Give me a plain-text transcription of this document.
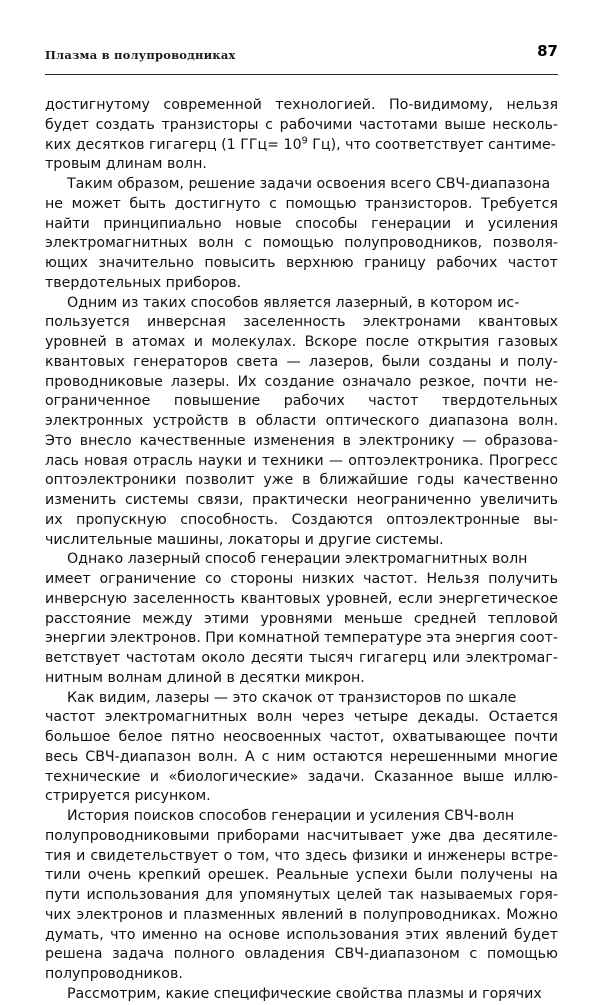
Плазма в полупроводниках	87
достигнутому современной технологией. По-видимому, нельзя
будет создать транзисторы с рабочими частотами выше несколь-
ких десятков гигагерц (1 $ГГц= 10^9$ Гц), что соответствует сантиме-
тровым длинам волн.
Таким образом, решение задачи освоения всего СВЧ-диапазона
не может быть достигнуто с помощью транзисторов. Требуется
найти принципиально новые способы генерации и усиления
электромагнитных волн с помощью полупроводников, позволя-
ющих значительно повысить верхнюю границу рабочих частот
твердотельных приборов.
Одним из таких способов является лазерный, в котором ис-
пользуется инверсная заселенность электронами квантовых
уровней в атомах и молекулах. Вскоре после открытия газовых
квантовых генераторов света — лазеров, были созданы и полу-
проводниковые лазеры. Их создание означало резкое, почти не-
ограниченное повышение рабочих частот твердотельных
электронных устройств в области оптического диапазона волн.
Это внесло качественные изменения в электронику — образова-
лась новая отрасль науки и техники — оптоэлектроника. Прогресс
оптоэлектроники позволит уже в ближайшие годы качественно
изменить системы связи, практически неограниченно увеличить
их пропускную способность. Создаются оптоэлектронные вы-
числительные машины, локаторы и другие системы.
Однако лазерный способ генерации электромагнитных волн
имеет ограничение со стороны низких частот. Нельзя получить
инверсную заселенность квантовых уровней, если энергетическое
расстояние между этими уровнями меньше средней тепловой
энергии электронов. При комнатной температуре эта энергия соот-
ветствует частотам около десяти тысяч гигагерц или электромаг-
нитным волнам длиной в десятки микрон.
Как видим, лазеры — это скачок от транзисторов по шкале
частот электромагнитных волн через четыре декады. Остается
большое белое пятно неосвоенных частот, охватывающее почти
весь СВЧ-диапазон волн. А с ним остаются нерешенными многие
технические и «биологические» задачи. Сказанное выше иллю-
стрируется рисунком.
История поисков способов генерации и усиления СВЧ-волн
полупроводниковыми приборами насчитывает уже два десятиле-
тия и свидетельствует о том, что здесь физики и инженеры встре-
тили очень крепкий орешек. Реальные успехи были получены на
пути использования для упомянутых целей так называемых горя-
чих электронов и плазменных явлений в полупроводниках. Можно
думать, что именно на основе использования этих явлений будет
решена задача полного овладения СВЧ-диапазоном с помощью
полупроводников.
Рассмотрим, какие специфические свойства плазмы и горячих
